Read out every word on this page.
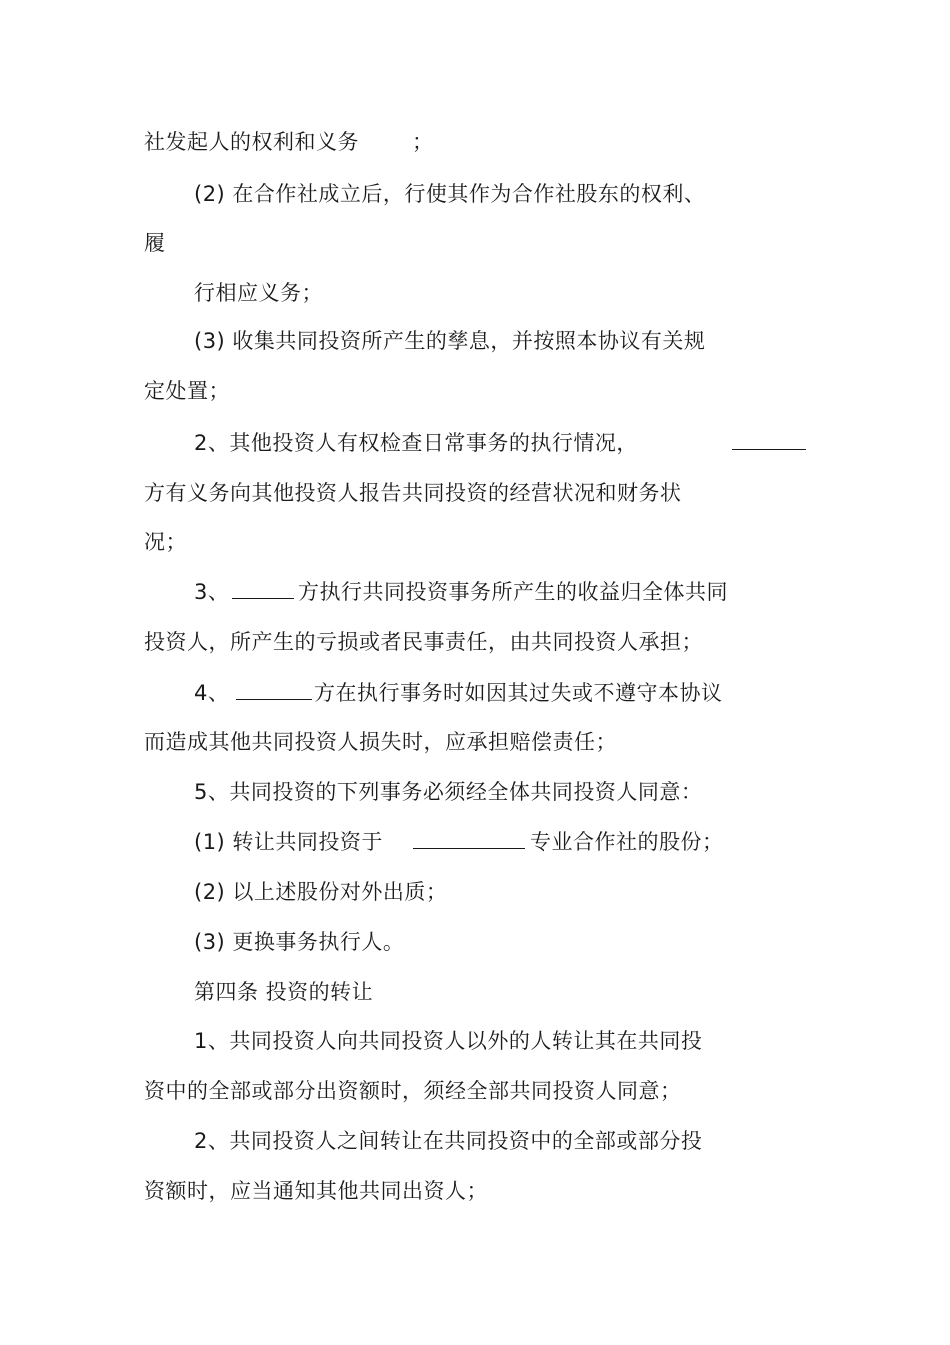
社发起人的权利和义务	；
(2) 在合作社成立后，行使其作为合作社股东的权利、
履
行相应义务；
(3) 收集共同投资所产生的孳息，并按照本协议有关规
定处置；
2、其他投资人有权检查日常事务的执行情况，
方有义务向其他投资人报告共同投资的经营状况和财务状
况；
3、	方执行共同投资事务所产生的收益归全体共同
投资人，所产生的亏损或者民事责任，由共同投资人承担；
4、	方在执行事务时如因其过失或不遵守本协议
而造成其他共同投资人损失时，应承担赔偿责任；
5、共同投资的下列事务必须经全体共同投资人同意：
(1) 转让共同投资于	专业合作社的股份；
(2) 以上述股份对外出质；
(3) 更换事务执行人。
第四条 投资的转让
1、共同投资人向共同投资人以外的人转让其在共同投
资中的全部或部分出资额时，须经全部共同投资人同意；
2、共同投资人之间转让在共同投资中的全部或部分投
资额时，应当通知其他共同出资人；
